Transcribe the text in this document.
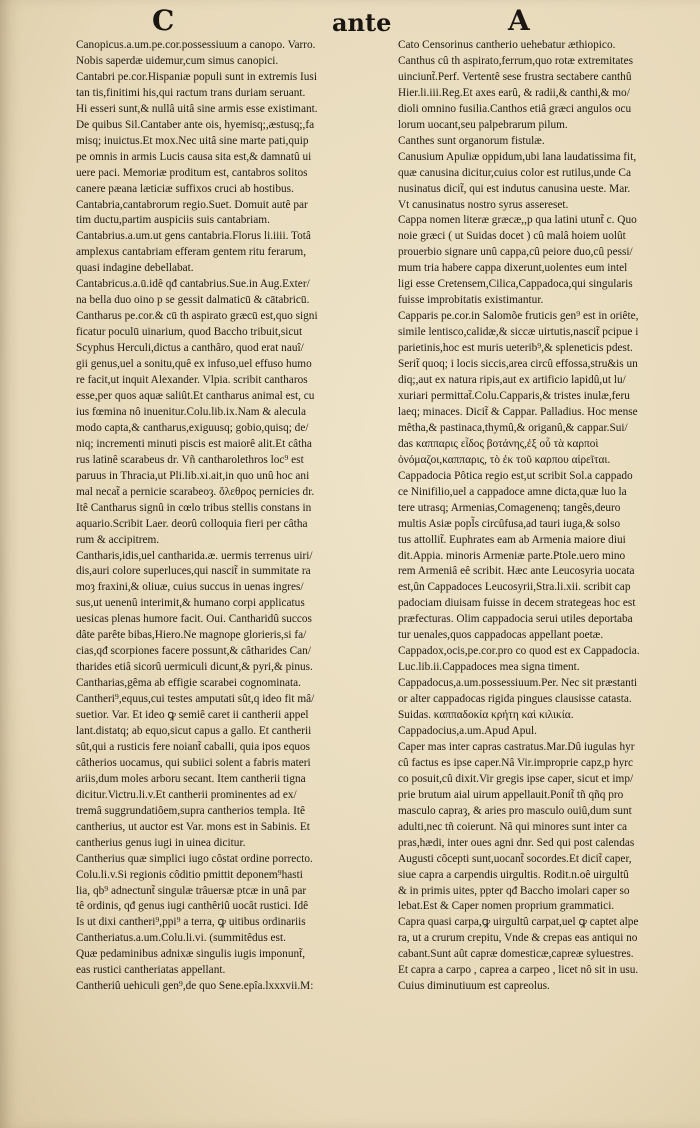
C	ante	A
Canopicus.a.um.pe.cor.possessiuum a canopo. Varro.
Nobis saperdæ uidemur,cum simus canopici.
Cantabri pe.cor.Hispaniæ populi sunt in extremis Iusi
tan tis,finitimi his,qui ractum trans duriam seruant.
Hi esseri sunt,& nullâ uitâ sine armis esse existimant.
De quibus Sil.Cantaber ante ois, hyemisq;,æstusq;,fa
misq; inuictus.Et mox.Nec uitâ sine marte pati,quip
pe omnis in armis Lucis causa sita est,& damnatû ui
uere paci. Memoriæ proditum est, cantabros solitos
canere pæana læticiæ suffixos cruci ab hostibus.
Cantabria,cantabrorum regio.Suet. Domuit autê par
tim ductu,partim auspiciis suis cantabriam.
Cantabrius.a.um.ut gens cantabria.Florus li.iiii. Totâ
amplexus cantabriam efferam gentem ritu ferarum,
quasi indagine debellabat.
Cantabricus.a.ū.idê qđ cantabrius.Sue.in Aug.Exter/
na bella duo oino p se gessit dalmaticū & cātabricū.
Cantharus pe.cor.& cū th aspirato græcū est,quo signi
ficatur poculū uinarium, quod Baccho tribuit,sicut
Scyphus Herculi,dictus a canthâro, quod erat nauî/
gii genus,uel a sonitu,quê ex infuso,uel effuso humo
re facit,ut inquit Alexander. Vlpia. scribit cantharos
esse,per quos aquæ saliût.Et cantharus animal est, cu
ius fœmina nô inuenitur.Colu.lib.ix.Nam & alecula
modo capta,& cantharus,exiguusq; gobio,quisq; de/
niq; incrementi minuti piscis est maiorê alit.Et câtha
rus latinê scarabeus dr. Vñ cantharolethros loc⁹ est
paruus in Thracia,ut Pli.lib.xi.ait,in quo unû hoc ani
mal necat̃ a pernicie scarabeoȝ. ὄλεθρος pernicies dr.
Itê Cantharus signû in cœlo tribus stellis constans in
aquario.Scribit Laer. deorû colloquia fieri per câtha
rum & accipitrem.
Cantharis,idis,uel cantharida.æ. uermis terrenus uiri/
dis,auri colore superluces,qui nascit̃ in summitate ra
moȝ fraxini,& oliuæ, cuius succus in uenas ingres/
sus,ut uenenû interimit,& humano corpi applicatus
uesicas plenas humore facit. Oui. Cantharidû succos
dâte parête bibas,Hiero.Ne magnope glorieris,si fa/
cias,qđ scorpiones facere possunt,& câtharides Can/
tharides etiâ sicorû uermiculi dicunt,& pyri,& pinus.
Cantharias,gêma ab effigie scarabei cognominata.
Cantheri⁹,equus,cui testes amputati sût,q ideo fit mâ/
suetior. Var. Et ideo ꝙ semiê caret ii cantherii appel
lant.distatq; ab equo,sicut capus a gallo. Et cantherii
sût,qui a rusticis fere noiant̃ caballi, quia ipos equos
câtherios uocamus, qui subiici solent a fabris materi
ariis,dum moles arboru secant. Item cantherii tigna
dicitur.Victru.li.v.Et cantherii prominentes ad ex/
tremâ suggrundatiôem,supra cantherios templa. Itê
cantherius, ut auctor est Var. mons est in Sabinis. Et
cantherius genus iugi in uinea dicitur.
Cantherius quæ simplici iugo côstat ordine porrecto.
Colu.li.v.Si regionis côditio pmittit deponem⁹hasti
lia, qb⁹ adnectunt̃ singulæ trâuersæ ptcæ in unâ par
tê ordinis, qđ genus iugi canthêriû uocât rustici. Idê
Is ut dixi cantheri⁹,ppi⁹ a terra, ꝙ uitibus ordinariis
Cantheriatus.a.um.Colu.li.vi. (summitêdus est.
Quæ pedaminibus adnixæ singulis iugis imponunt̃,
eas rustici cantheriatas appellant.
Cantheriû uehiculi gen⁹,de quo Sene.epîa.lxxxvii.M:
Cato Censorinus cantherio uehebatur æthiopico.
Canthus cû th aspirato,ferrum,quo rotæ extremitates
uinciunt̃.Perf. Vertentê sese frustra sectabere canthû
Hier.li.iii.Reg.Et axes earû, & radii,& canthi,& mo/
dioli omnino fusilia.Canthos etiâ græci angulos ocu
lorum uocant,seu palpebrarum pilum.
Canthes sunt organorum fistulæ.
Canusium Apuliæ oppidum,ubi lana laudatissima fit,
quæ canusina dicitur,cuius color est rutilus,unde Ca
nusinatus dicit̃, qui est indutus canusina ueste. Mar.
Vt canusinatus nostro syrus assereset.
Cappa nomen literæ græcæ,,p qua latini utunt̃ c. Quo
noie græci ( ut Suidas docet ) cû malâ hoiem uolût
prouerbio signare unû cappa,cû peiore duo,cû pessi/
mum tria habere cappa dixerunt,uolentes eum intel
ligi esse Cretensem,Cilica,Cappadoca,qui singularis
fuisse improbitatis existimantur.
Capparis pe.cor.in Salomõe fruticis gen⁹ est in oriête,
simile lentisco,calidæ,& siccæ uirtutis,nascit̃ pcipue i
parietinis,hoc est muris ueterib⁹,& spleneticis pdest.
Serit̃ quoq; i locis siccis,area circû effossa,stru&is un
diq;,aut ex natura ripis,aut ex artificio lapidû,ut lu/
xuriari permittat̃.Colu.Capparis,& tristes inulæ,feru
laeq; minaces. Dicit̃ & Cappar. Palladius. Hoc mense
mêtha,& pastinaca,thymû,& origanû,& cappar.Sui/
das καππαρις εἶδος βοτάνης,ἐξ οὗ τὰ καρποὶ
ὀνόμαζοι,καππαρις, τὸ ἐκ τοῦ καρπου αἱρεῖται.
Cappadocia Pôtica regio est,ut scribit Sol.a cappado
ce Ninifilio,uel a cappadoce amne dicta,quæ luo la
tere utrasq; Armenias,Comagenenq; tangês,deuro
multis Asiæ popl̃s circûfusa,ad tauri iuga,& solso
tus attollit̃. Euphrates eam ab Armenia maiore diui
dit.Appia. minoris Armeniæ parte.Ptole.uero mino
rem Armeniâ eê scribit. Hæc ante Leucosyria uocata
est,ûn Cappadoces Leucosyrii,Stra.li.xii. scribit cap
padociam diuisam fuisse in decem strategeas hoc est
præfecturas. Olim cappadocia serui utiles deportaba
tur uenales,quos cappadocas appellant poetæ.
Cappadox,ocis,pe.cor.pro co quod est ex Cappadocia.
Luc.lib.ii.Cappadoces mea signa timent.
Cappadocus,a.um.possessiuum.Per. Nec sit præstanti
or alter cappadocas rigida pingues clausisse catasta.
Suidas. καππαδοκία κρήτη καὶ κιλικία.
Cappadocius,a.um.Apud Apul.
Caper mas inter capras castratus.Mar.Dû iugulas hyr
cû factus es ipse caper.Nâ Vir.improprie capz,p hyrc
co posuit,cû dixit.Vir gregis ipse caper, sicut et imp/
prie brutum aial uirum appellauit.Ponit̃ tñ qñq pro
masculo capraȝ, & aries pro masculo ouiû,dum sunt
adulti,nec tñ coierunt. Nâ qui minores sunt inter ca
pras,hædi, inter oues agni dnr. Sed qui post calendas
Augusti côcepti sunt,uocant̃ socordes.Et dicit̃ caper,
siue capra a carpendis uirgultis. Rodit.n.oê uirgultû
& in primis uites, ppter qđ Baccho imolari caper so
lebat.Est & Caper nomen proprium grammatici.
Capra quasi carpa,ꝙ uirgultû carpat,uel ꝙ captet alpe
ra, ut a crurum crepitu, Vnde & crepas eas antiqui no
cabant.Sunt aût capræ domesticæ,capreæ syluestres.
Et capra a carpo , caprea a carpeo , licet nô sit in usu.
Cuius diminutiuum est capreolus.
